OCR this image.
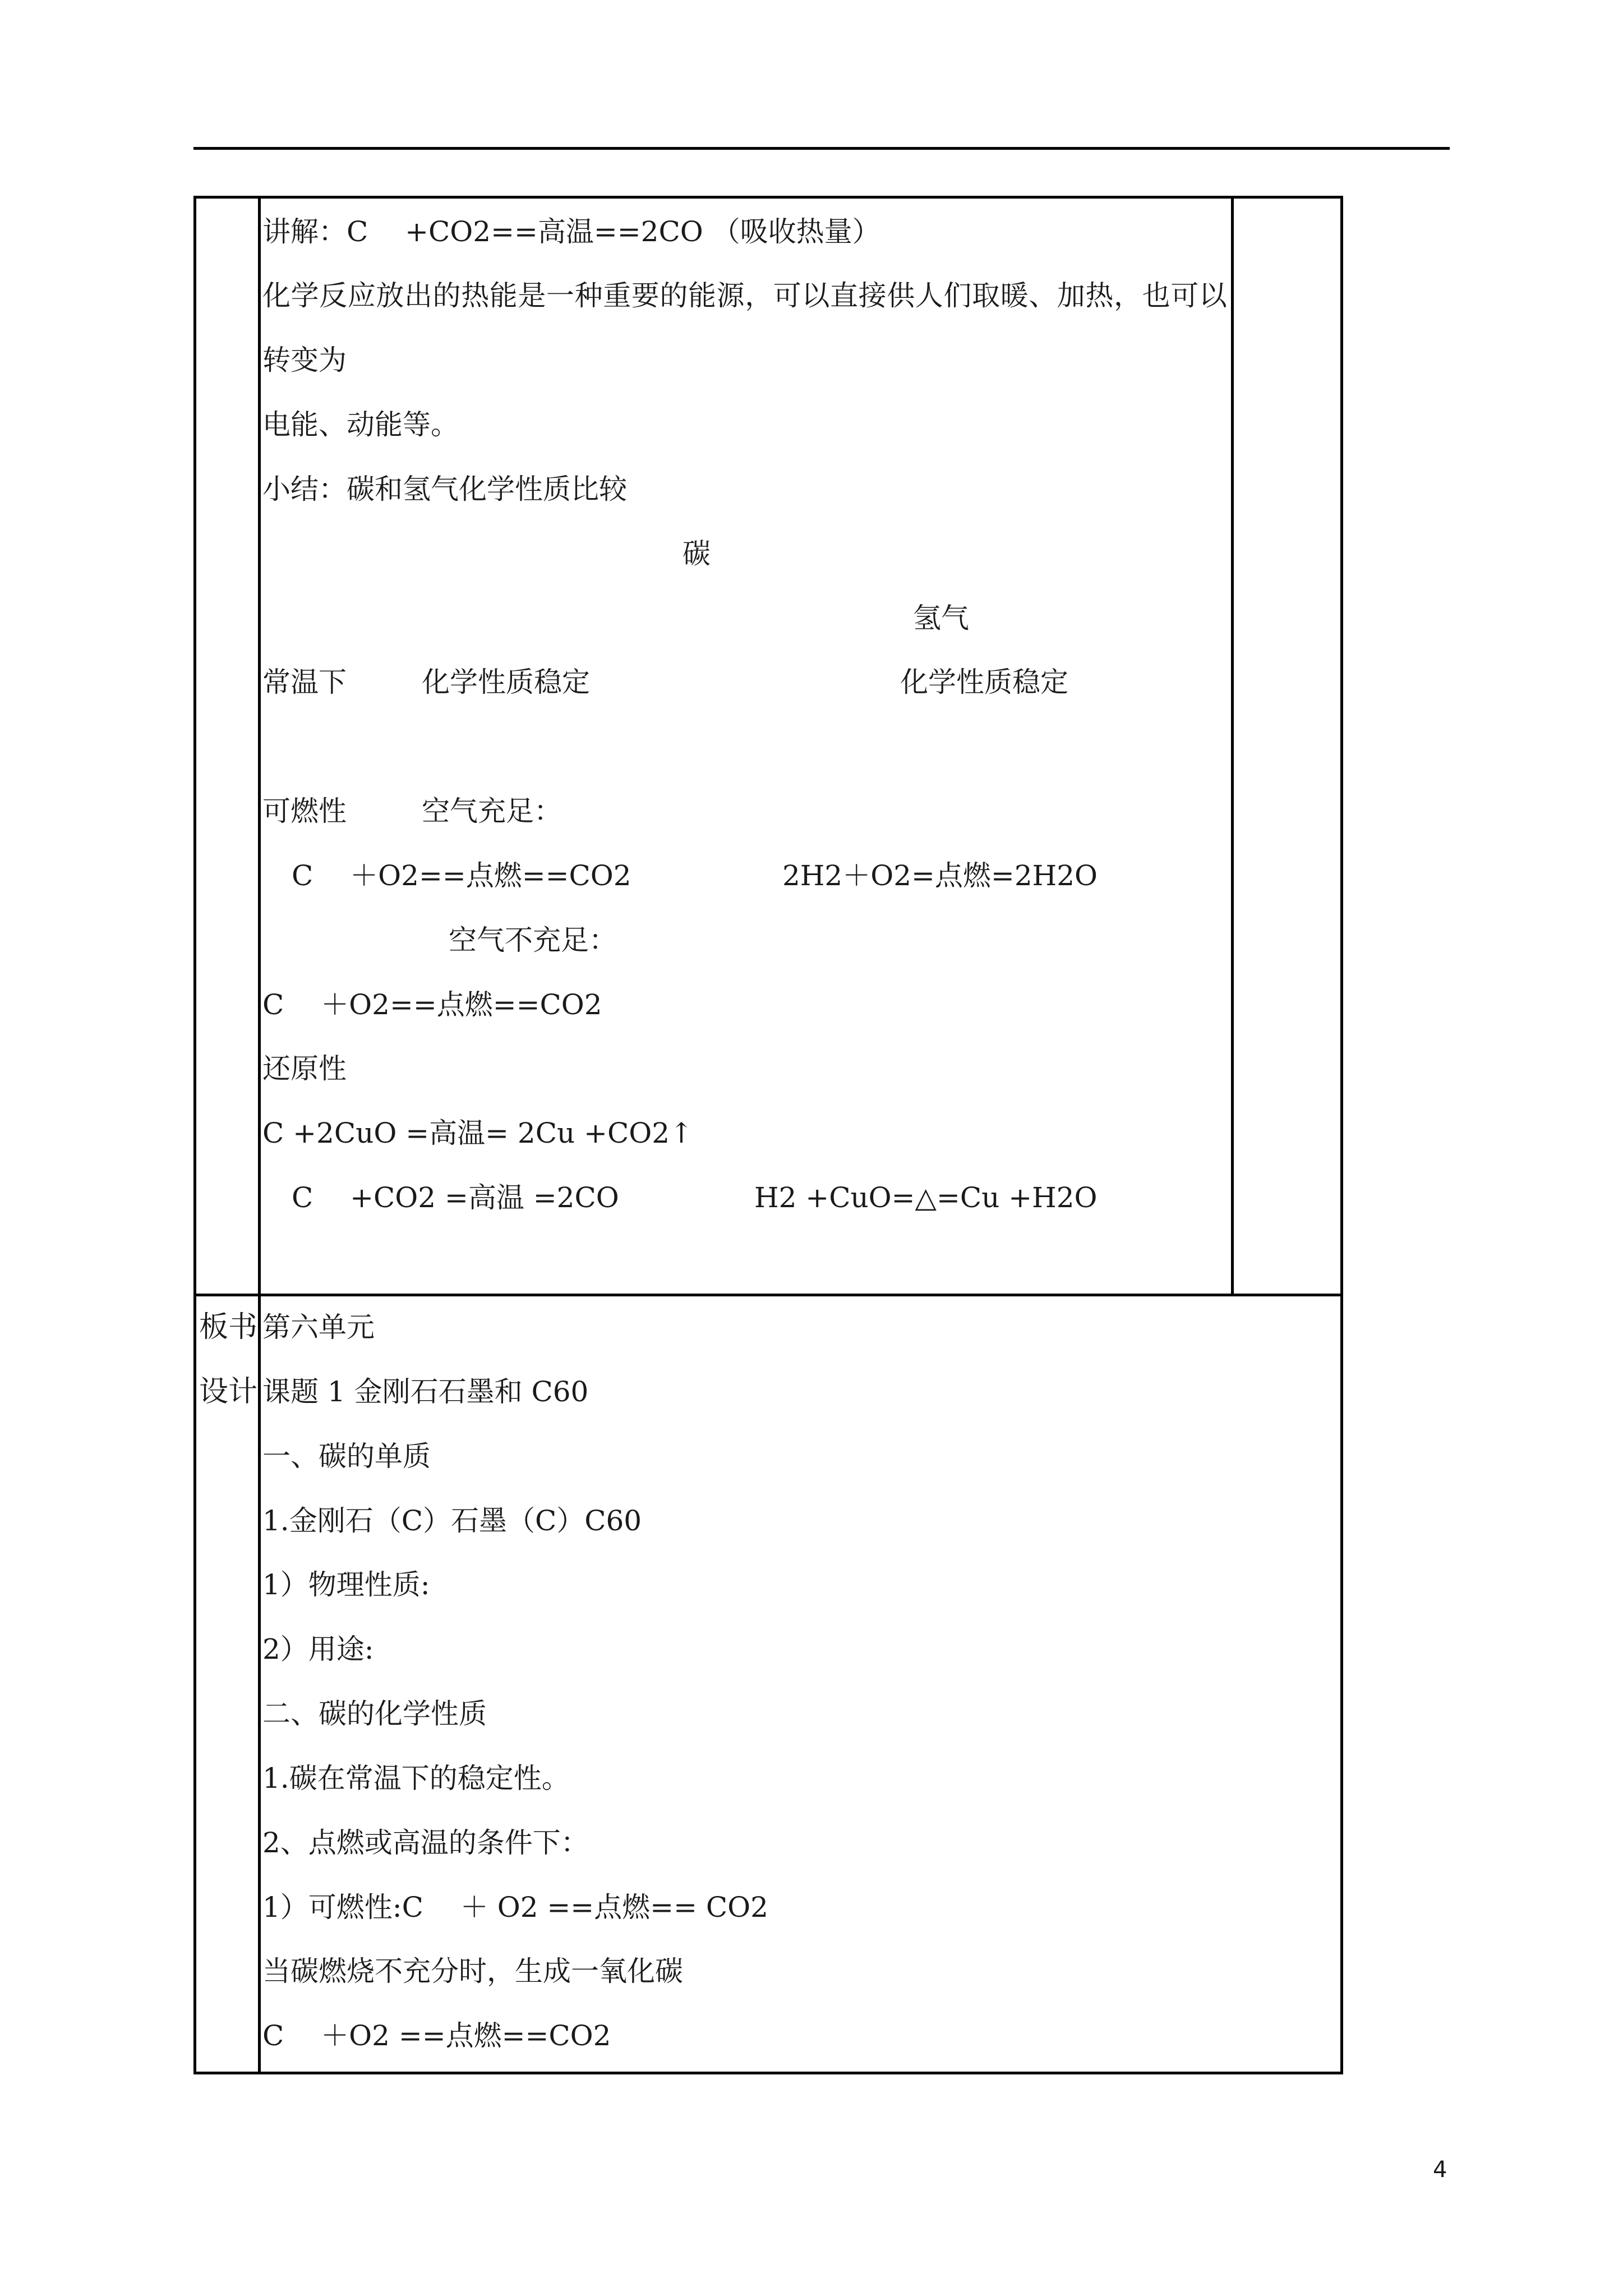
讲解：C　 +CO2==高温==2CO （吸收热量）
化学反应放出的热能是一种重要的能源，可以直接供人们取暖、加热，也可以
转变为
电能、动能等。
小结：碳和氢气化学性质比较
碳
氢气
常温下	化学性质稳定	化学性质稳定
可燃性	空气充足：
C　 ＋O2==点燃==CO2	2H2＋O2=点燃=2H2O
空气不充足：
C　 ＋O2==点燃==CO2
还原性
C +2CuO =高温= 2Cu +CO2↑
C　 +CO2 =高温 =2CO	H2 +CuO=△=Cu +H2O
板书
设计
第六单元
课题 1 金刚石石墨和 C60
一、碳的单质
1.金刚石（C）石墨（C）C60
1）物理性质:
2）用途:
二、碳的化学性质
1.碳在常温下的稳定性。
2、点燃或高温的条件下：
1）可燃性:C　 ＋ O2 ==点燃== CO2
当碳燃烧不充分时，生成一氧化碳
C　 ＋O2 ==点燃==CO2
4
